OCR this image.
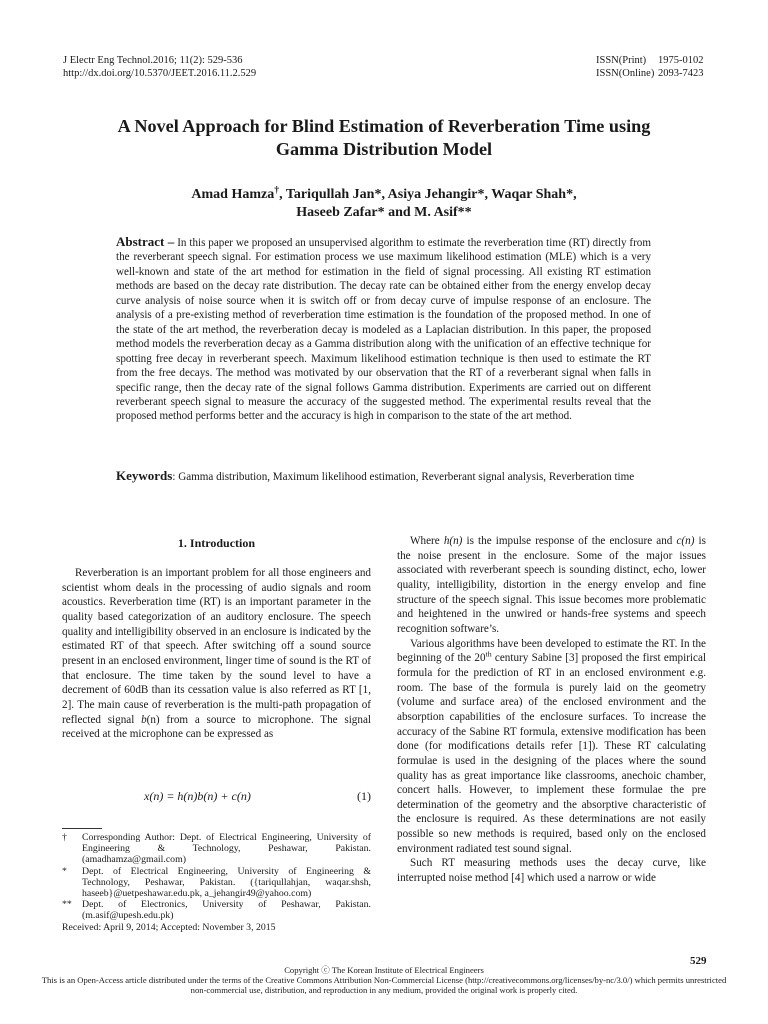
J Electr Eng Technol.2016; 11(2): 529-536
http://dx.doi.org/10.5370/JEET.2016.11.2.529
ISSN(Print) 1975-0102
ISSN(Online) 2093-7423
A Novel Approach for Blind Estimation of Reverberation Time using
Gamma Distribution Model
Amad Hamza†, Tariqullah Jan*, Asiya Jehangir*, Waqar Shah*,
Haseeb Zafar* and M. Asif**
Abstract – In this paper we proposed an unsupervised algorithm to estimate the reverberation time (RT) directly from the reverberant speech signal. For estimation process we use maximum likelihood estimation (MLE) which is a very well-known and state of the art method for estimation in the field of signal processing. All existing RT estimation methods are based on the decay rate distribution. The decay rate can be obtained either from the energy envelop decay curve analysis of noise source when it is switch off or from decay curve of impulse response of an enclosure. The analysis of a pre-existing method of reverberation time estimation is the foundation of the proposed method. In one of the state of the art method, the reverberation decay is modeled as a Laplacian distribution. In this paper, the proposed method models the reverberation decay as a Gamma distribution along with the unification of an effective technique for spotting free decay in reverberant speech. Maximum likelihood estimation technique is then used to estimate the RT from the free decays. The method was motivated by our observation that the RT of a reverberant signal when falls in specific range, then the decay rate of the signal follows Gamma distribution. Experiments are carried out on different reverberant speech signal to measure the accuracy of the suggested method. The experimental results reveal that the proposed method performs better and the accuracy is high in comparison to the state of the art method.
Keywords: Gamma distribution, Maximum likelihood estimation, Reverberant signal analysis, Reverberation time
1. Introduction

Reverberation is an important problem for all those engineers and scientist whom deals in the processing of audio signals and room acoustics. Reverberation time (RT) is an important parameter in the quality based categorization of an auditory enclosure. The speech quality and intelligibility observed in an enclosure is indicated by the estimated RT of that speech. After switching off a sound source present in an enclosed environment, linger time of sound is the RT of that enclosure. The time taken by the sound level to have a decrement of 60dB than its cessation value is also referred as RT [1, 2]. The main cause of reverberation is the multi-path propagation of reflected signal b(n) from a source to microphone. The signal received at the microphone can be expressed as

x(n) = h(n)b(n) + c(n)	(1)
† Corresponding Author: Dept. of Electrical Engineering, University of Engineering & Technology, Peshawar, Pakistan. (amadhamza@gmail.com)
* Dept. of Electrical Engineering, University of Engineering & Technology, Peshawar, Pakistan. ({tariqullahjan, waqar.shsh, haseeb}@uetpeshawar.edu.pk, a_jehangir49@yahoo.com)
** Dept. of Electronics, University of Peshawar, Pakistan. (m.asif@upesh.edu.pk)
Received: April 9, 2014; Accepted: November 3, 2015

Where h(n) is the impulse response of the enclosure and c(n) is the noise present in the enclosure. Some of the major issues associated with reverberant speech is sounding distinct, echo, lower quality, intelligibility, distortion in the energy envelop and fine structure of the speech signal. This issue becomes more problematic and heightened in the unwired or hands-free systems and speech recognition software’s.

Various algorithms have been developed to estimate the RT. In the beginning of the 20th century Sabine [3] proposed the first empirical formula for the prediction of RT in an enclosed environment e.g. room. The base of the formula is purely laid on the geometry (volume and surface area) of the enclosed environment and the absorption capabilities of the enclosure surfaces. To increase the accuracy of the Sabine RT formula, extensive modification has been done (for modifications details refer [1]). These RT calculating formulae is used in the designing of the places where the sound quality has as great importance like classrooms, anechoic chamber, concert halls. However, to implement these formulae the pre determination of the geometry and the absorptive characteristic of the enclosure is required. As these determinations are not easily possible so new methods is required, based only on the enclosed environment radiated test sound signal.

Such RT measuring methods uses the decay curve, like interrupted noise method [4] which used a narrow or wide

529
Copyright ⓒ The Korean Institute of Electrical Engineers
This is an Open-Access article distributed under the terms of the Creative Commons Attribution Non-Commercial License (http://creativecommons.org/licenses/by-nc/3.0/) which permits unrestricted non-commercial use, distribution, and reproduction in any medium, provided the original work is properly cited.
